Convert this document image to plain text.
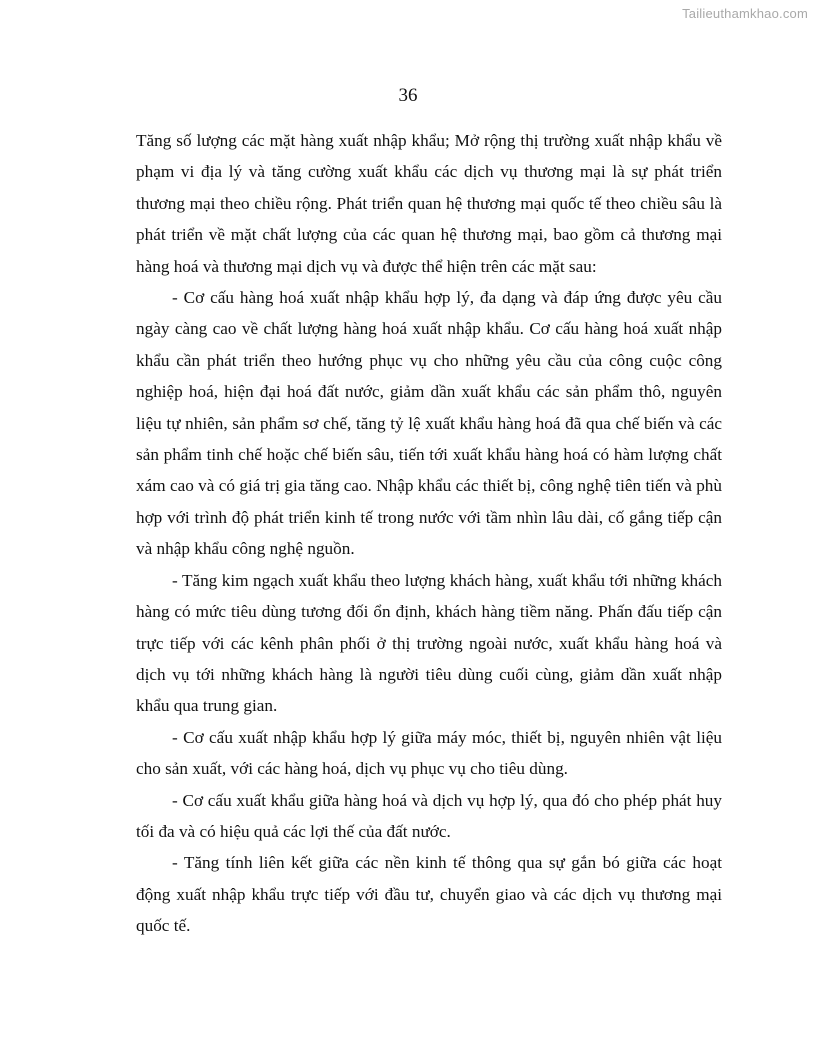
Tailieuthamkhao.com
36

Tăng số lượng các mặt hàng xuất nhập khẩu; Mở rộng thị trường xuất nhập khẩu về phạm vi địa lý và tăng cường xuất khẩu các dịch vụ thương mại là sự phát triển thương mại theo chiều rộng. Phát triển quan hệ thương mại quốc tế theo chiều sâu là phát triển về mặt chất lượng của các quan hệ thương mại, bao gồm cả thương mại hàng hoá và thương mại dịch vụ và được thể hiện trên các mặt sau:

- Cơ cấu hàng hoá xuất nhập khẩu hợp lý, đa dạng và đáp ứng được yêu cầu ngày càng cao về chất lượng hàng hoá xuất nhập khẩu. Cơ cấu hàng hoá xuất nhập khẩu cần phát triển theo hướng phục vụ cho những yêu cầu của công cuộc công nghiệp hoá, hiện đại hoá đất nước, giảm dần xuất khẩu các sản phẩm thô, nguyên liệu tự nhiên, sản phẩm sơ chế, tăng tỷ lệ xuất khẩu hàng hoá đã qua chế biến và các sản phẩm tinh chế hoặc chế biến sâu, tiến tới xuất khẩu hàng hoá có hàm lượng chất xám cao và có giá trị gia tăng cao. Nhập khẩu các thiết bị, công nghệ tiên tiến và phù hợp với trình độ phát triển kinh tế trong nước với tầm nhìn lâu dài, cố gắng tiếp cận và nhập khẩu công nghệ nguồn.

- Tăng kim ngạch xuất khẩu theo lượng khách hàng, xuất khẩu tới những khách hàng có mức tiêu dùng tương đối ổn định, khách hàng tiềm năng. Phấn đấu tiếp cận trực tiếp với các kênh phân phối ở thị trường ngoài nước, xuất khẩu hàng hoá và dịch vụ tới những khách hàng là người tiêu dùng cuối cùng, giảm dần xuất nhập khẩu qua trung gian.

- Cơ cấu xuất nhập khẩu hợp lý giữa máy móc, thiết bị, nguyên nhiên vật liệu cho sản xuất, với các hàng hoá, dịch vụ phục vụ cho tiêu dùng.

- Cơ cấu xuất khẩu giữa hàng hoá và dịch vụ hợp lý, qua đó cho phép phát huy tối đa và có hiệu quả các lợi thế của đất nước.

- Tăng tính liên kết giữa các nền kinh tế thông qua sự gắn bó giữa các hoạt động xuất nhập khẩu trực tiếp với đầu tư, chuyển giao và các dịch vụ thương mại quốc tế.
